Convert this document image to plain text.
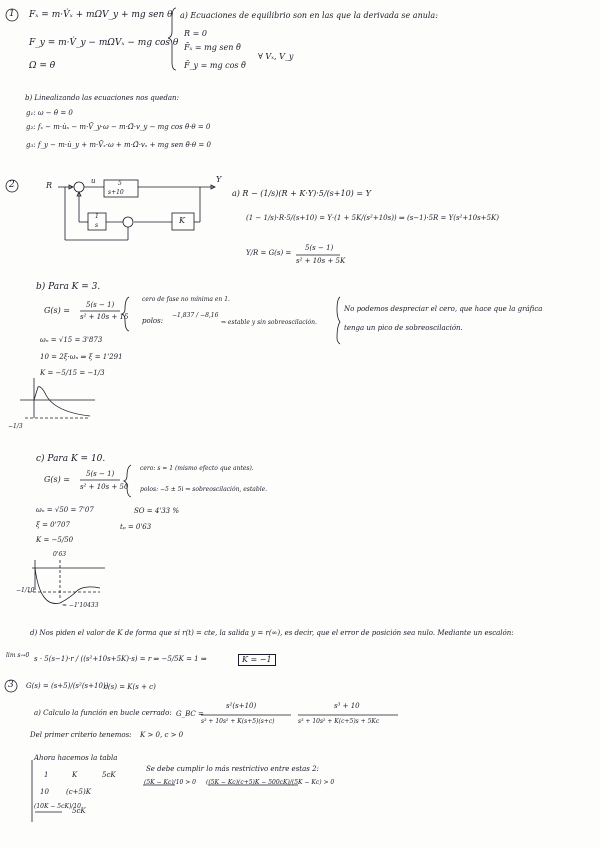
1 Fₓ = m·V̇ₓ + mΩV_y + mg sen θ
F_y = m·V̇_y − mΩVₓ − mg cos θ
Ω = θ̇
a) Ecuaciones de equilibrio son en las que la derivada se anula:
R = 0
F̄ₓ = mg sen θ̄
F̄_y = mg cos θ̄
∀ Vₓ, V_y
b) Linealizando las ecuaciones nos quedan:
g₁: ω − θ̇ = 0
g₂: fₓ − m·u̇ₓ − m·V̄_y·ω − m·Ω̄·v_y − mg cos θ̄·θ = 0
g₃: f_y − m·u̇_y + m·V̄ₓ·ω + m·Ω̄·vₓ + mg sen θ̄·θ = 0
2	R
Y
u	5
s+10
1
s
K
a) R − (1/s)(R + K·Y)·5/(s+10) = Y
(1 − 1/s)·R·5/(s+10) = Y·(1 + 5K/(s²+10s)) ⇒ (s−1)·5R = Y(s²+10s+5K)
Y/R = G(s) =
5(s − 1)
s² + 10s + 5K
b) Para K = 3.
G(s) =
5(s − 1)
s² + 10s + 15
cero de fase no mínima en 1.
polos:
−1,837 / −8,16
⇒ estable y sin sobreoscilación.
No podemos despreciar el cero, que hace que la gráfica
tenga un pico de sobreoscilación.
ωₙ = √15 = 3'873
10 = 2ξ·ωₙ ⇒ ξ = 1'291
K = −5/15 = −1/3
−1/3
c) Para K = 10.
G(s) =
5(s − 1)
s² + 10s + 50
cero: s = 1 (mismo efecto que antes).
polos: −5 ± 5i ⇒ sobreoscilación, estable.
ωₙ = √50 = 7'07
ξ = 0'707
K = −5/50
SO = 4'33 %
tₚ = 0'63
0'63
−1/10
≈ −1'10433
d) Nos piden el valor de K de forma que si r(t) = cte, la salida y = r(∞), es decir, que el error de posición sea nulo. Mediante un escalón:
lim s→0 s · 5(s−1)·r / ((s²+10s+5K)·s) = r ⇒ −5/5K = 1 ⇒	K = −1
3 G(s) = (s+5)/(s²(s+10))
c(s) = K(s + c)
a) Calculo la función en bucle cerrado: G_BC =
s²(s+10)
s³ + 10s² + K(s+5)(s+c)
s³ + 10
s³ + 10s² + K(c+5)s + 5Kc
Del primer criterio tenemos: K > 0, c > 0
Ahora hacemos la tabla
1	K	5cK
10 (c+5)K
(10K − 5cK)/10
5cK
Se debe cumplir lo más restrictivo entre estas 2:
(5K − Kc)/10 > 0 ((5K − Kc)(c+5)K − 500cK)/(5K − Kc) > 0
